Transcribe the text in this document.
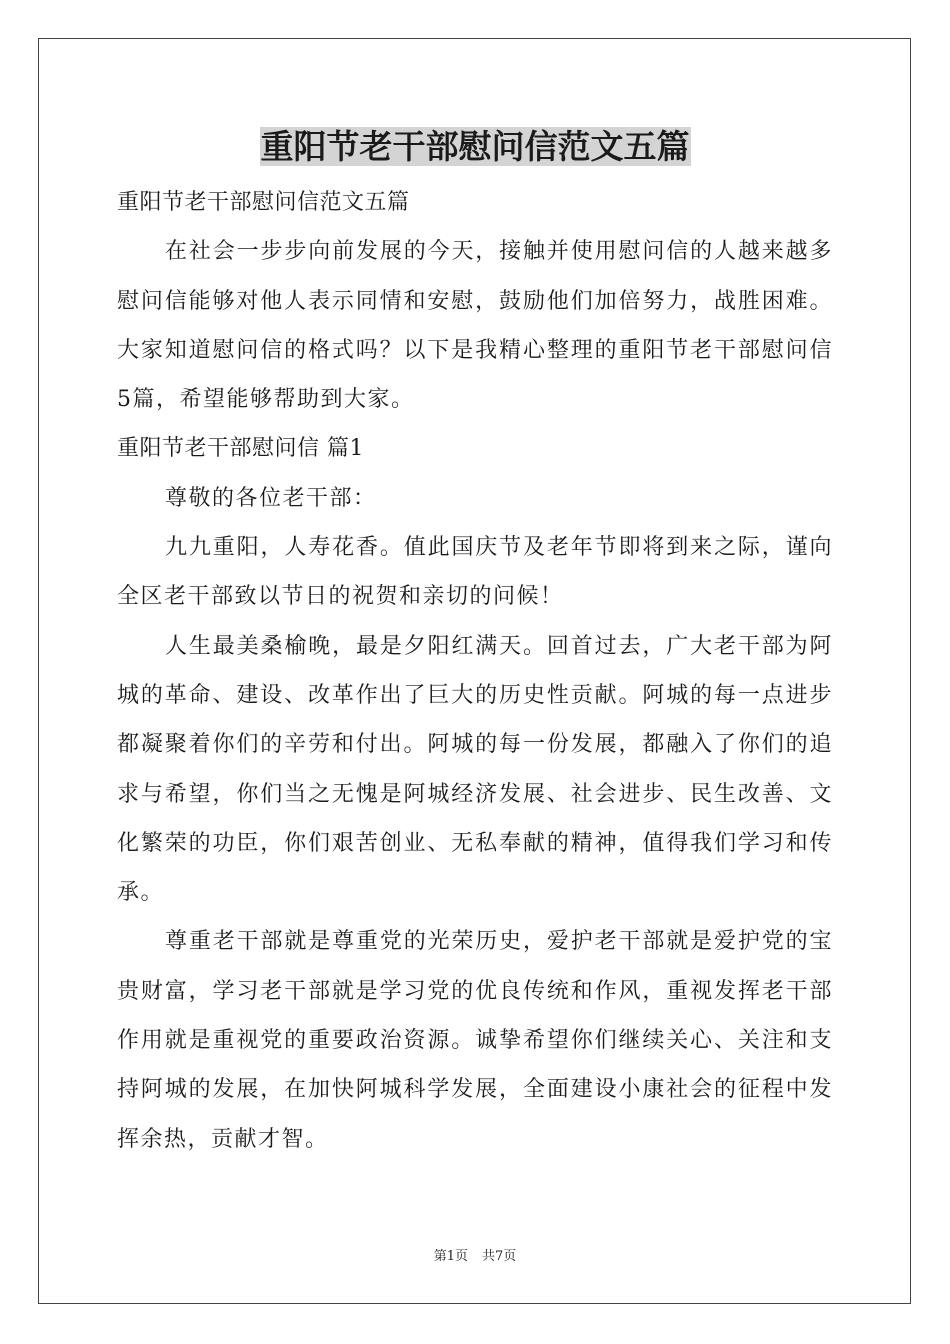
重阳节老干部慰问信范文五篇

重阳节老干部慰问信范文五篇

在社会一步步向前发展的今天，接触并使用慰问信的人越来越多慰问信能够对他人表示同情和安慰，鼓励他们加倍努力，战胜困难。大家知道慰问信的格式吗？以下是我精心整理的重阳节老干部慰问信5篇，希望能够帮助到大家。

重阳节老干部慰问信 篇1

尊敬的各位老干部：

九九重阳，人寿花香。值此国庆节及老年节即将到来之际，谨向全区老干部致以节日的祝贺和亲切的问候！

人生最美桑榆晚，最是夕阳红满天。回首过去，广大老干部为阿城的革命、建设、改革作出了巨大的历史性贡献。阿城的每一点进步都凝聚着你们的辛劳和付出。阿城的每一份发展，都融入了你们的追求与希望，你们当之无愧是阿城经济发展、社会进步、民生改善、文化繁荣的功臣，你们艰苦创业、无私奉献的精神，值得我们学习和传承。

尊重老干部就是尊重党的光荣历史，爱护老干部就是爱护党的宝贵财富，学习老干部就是学习党的优良传统和作风，重视发挥老干部作用就是重视党的重要政治资源。诚挚希望你们继续关心、关注和支持阿城的发展，在加快阿城科学发展，全面建设小康社会的征程中发挥余热，贡献才智。

第1页 共7页
